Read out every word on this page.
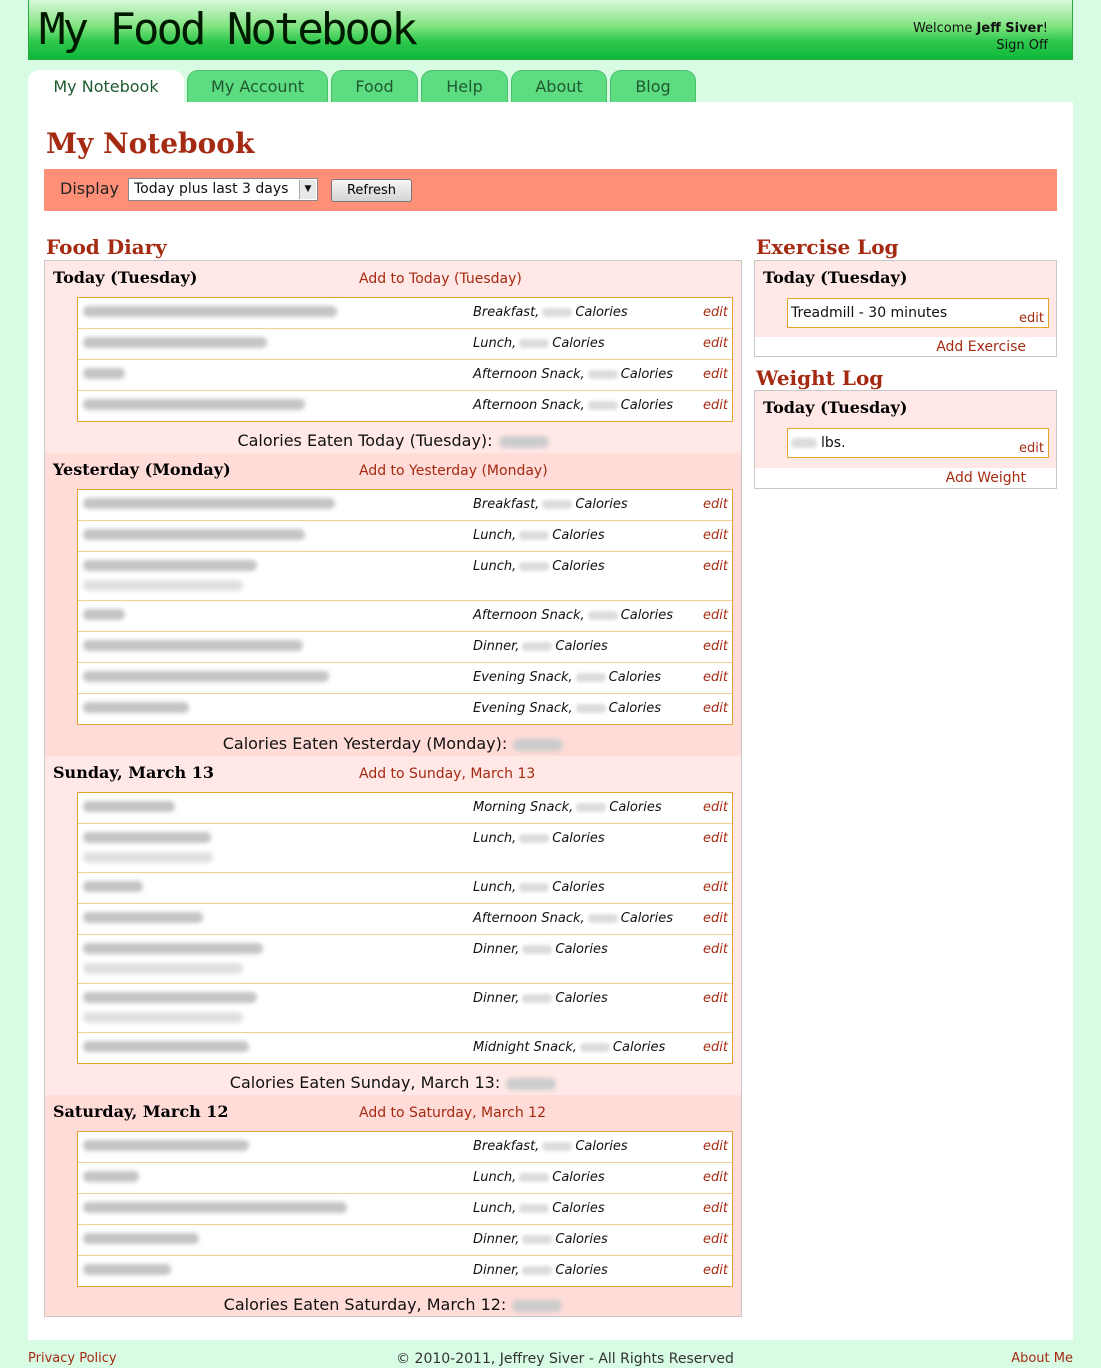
My Food Notebook	Welcome Jeff Siver!
Sign Off
My Notebook	My Account	Food	Help	About	Blog
My Notebook
Display	Today plus last 3 days	▼	Refresh
Food Diary
Today (Tuesday)	Add to Today (Tuesday)
Breakfast,	Calories	edit
Lunch,	Calories	edit
Afternoon Snack,	Calories edit
Afternoon Snack,	Calories edit
Calories Eaten Today (Tuesday):
Yesterday (Monday)
Breakfast,	Calories	edit
Lunch,	Calories	edit
Lunch,	Calories	edit
Afternoon Snack,	Calories edit
Dinner,	Calories	edit
Evening Snack,	Calories	edit
Evening Snack,	Calories	edit
Add to Yesterday (Monday)
Calories Eaten Yesterday (Monday):
Sunday, March 13	Add to Sunday, March 13
Morning Snack,	Calories	edit
Lunch,	Calories	edit
Lunch,	Calories	edit
Afternoon Snack,	Calories edit
Dinner,	Calories	edit
Dinner,	Calories	edit
Midnight Snack,	Calories	edit
Calories Eaten Sunday, March 13:
Saturday, March 12	Add to Saturday, March 12
Breakfast,	Calories	edit
Lunch,	Calories	edit
Lunch,	Calories	edit
Dinner,	Calories	edit
Dinner,	Calories	edit
Calories Eaten Saturday, March 12:
Exercise Log
Today (Tuesday)
Treadmill - 30 minutes	edit
Add Exercise
Weight Log
Today (Tuesday)
lbs.	edit
Add Weight
© 2010-2011, Jeffrey Siver - All Rights Reserved
Privacy Policy	About Me
